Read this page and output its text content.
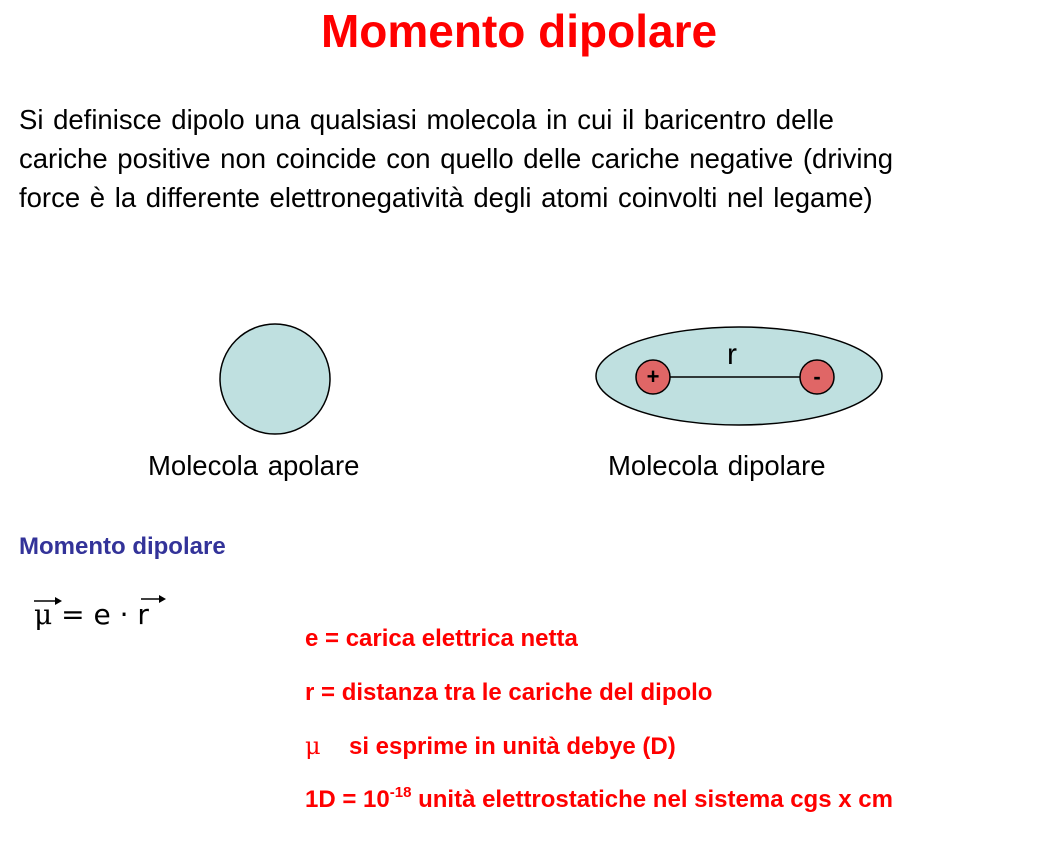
Momento dipolare

Si definisce dipolo una qualsiasi molecola in cui il baricentro delle
cariche positive non coincide con quello delle cariche negative (driving
force è la differente elettronegatività degli atomi coinvolti nel legame)

+	-
r
Molecola apolare	Molecola dipolare
Momento dipolare
μ = e · r

e = carica elettrica netta

r = distanza tra le cariche del dipolo

μ si esprime in unità debye (D)

$1D = 10^{-18}$ unità elettrostatiche nel sistema cgs x cm
